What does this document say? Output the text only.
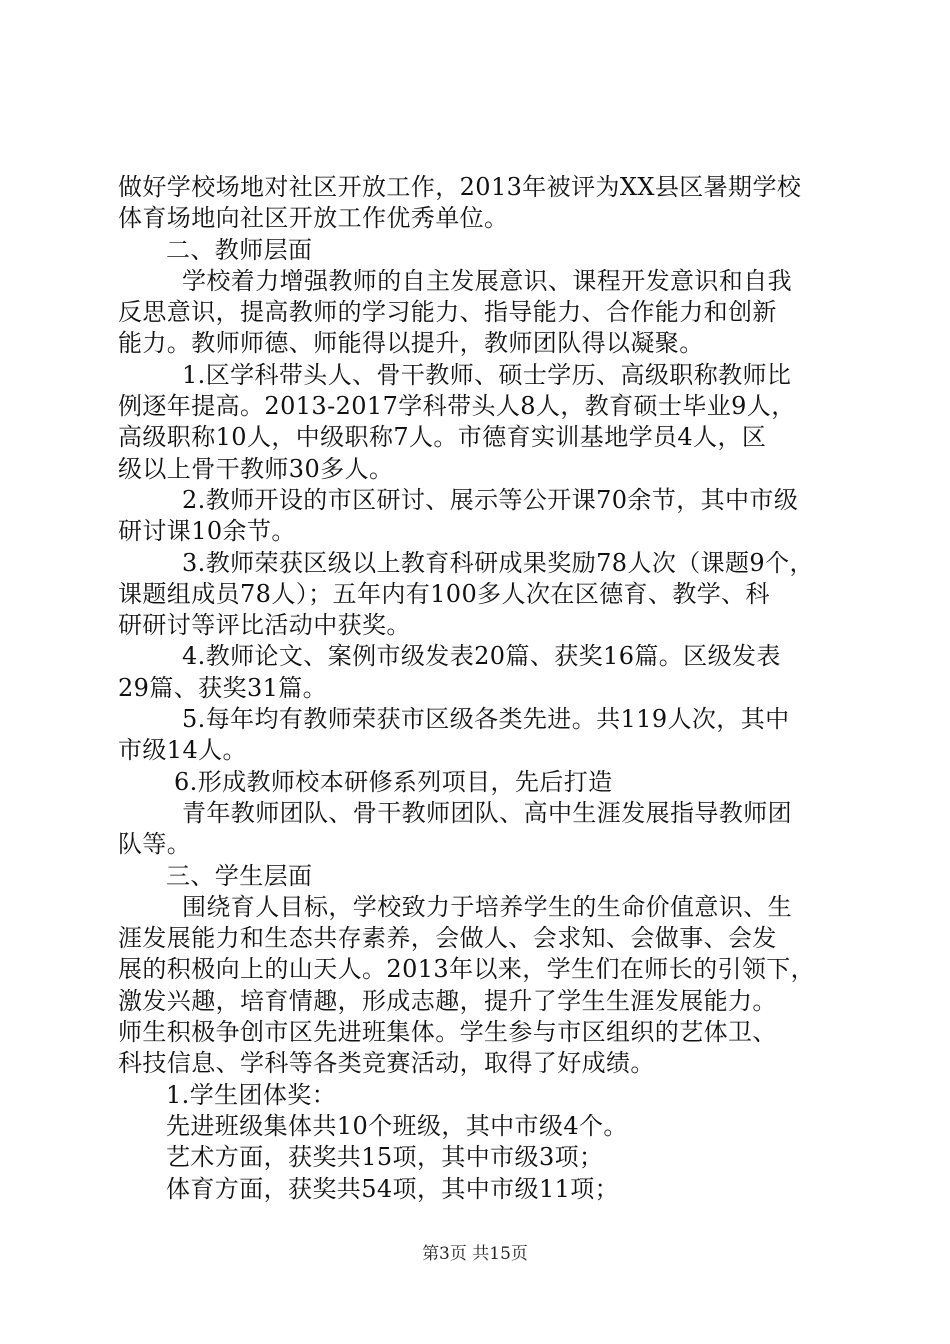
做好学校场地对社区开放工作，2013年被评为XX县区暑期学校
体育场地向社区开放工作优秀单位。
二、教师层面
学校着力增强教师的自主发展意识、课程开发意识和自我
反思意识，提高教师的学习能力、指导能力、合作能力和创新
能力。教师师德、师能得以提升，教师团队得以凝聚。
1.区学科带头人、骨干教师、硕士学历、高级职称教师比
例逐年提高。2013-2017学科带头人8人，教育硕士毕业9人，
高级职称10人，中级职称7人。市德育实训基地学员4人，区
级以上骨干教师30多人。
2.教师开设的市区研讨、展示等公开课70余节，其中市级
研讨课10余节。
3.教师荣获区级以上教育科研成果奖励78人次（课题9个，
课题组成员78人）；五年内有100多人次在区德育、教学、科
研研讨等评比活动中获奖。
4.教师论文、案例市级发表20篇、获奖16篇。区级发表
29篇、获奖31篇。
5.每年均有教师荣获市区级各类先进。共119人次，其中
市级14人。
6.形成教师校本研修系列项目，先后打造
青年教师团队、骨干教师团队、高中生涯发展指导教师团
队等。
三、学生层面
围绕育人目标，学校致力于培养学生的生命价值意识、生
涯发展能力和生态共存素养，会做人、会求知、会做事、会发
展的积极向上的山天人。2013年以来，学生们在师长的引领下，
激发兴趣，培育情趣，形成志趣，提升了学生生涯发展能力。
师生积极争创市区先进班集体。学生参与市区组织的艺体卫、
科技信息、学科等各类竞赛活动，取得了好成绩。
1.学生团体奖：
先进班级集体共10个班级，其中市级4个。
艺术方面，获奖共15项，其中市级3项；
体育方面，获奖共54项，其中市级11项；
第3页 共15页
